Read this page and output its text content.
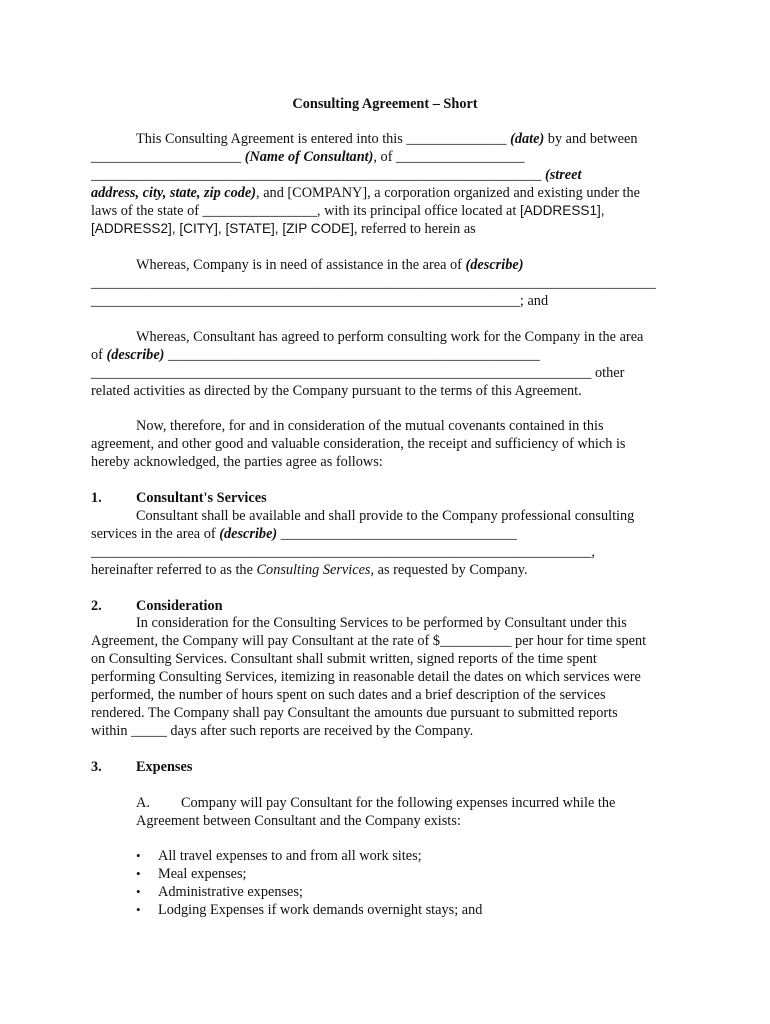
Consulting Agreement – Short
This Consulting Agreement is entered into this ______________ (date) by and between
_____________________ (Name of Consultant), of __________________
_______________________________________________________________ (street
address, city, state, zip code), and [COMPANY], a corporation organized and existing under the
laws of the state of ________________, with its principal office located at [ADDRESS1],
[ADDRESS2], [CITY], [STATE], [ZIP CODE], referred to herein as
Whereas, Company is in need of assistance in the area of (describe)
_______________________________________________________________________________
____________________________________________________________; and
Whereas, Consultant has agreed to perform consulting work for the Company in the area
of (describe) ____________________________________________________
______________________________________________________________________ other
related activities as directed by the Company pursuant to the terms of this Agreement.
Now, therefore, for and in consideration of the mutual covenants contained in this
agreement, and other good and valuable consideration, the receipt and sufficiency of which is
hereby acknowledged, the parties agree as follows:
1. Consultant's Services
Consultant shall be available and shall provide to the Company professional consulting
services in the area of (describe) _________________________________
______________________________________________________________________,
hereinafter referred to as the Consulting Services, as requested by Company.
2. Consideration
In consideration for the Consulting Services to be performed by Consultant under this
Agreement, the Company will pay Consultant at the rate of $__________ per hour for time spent
on Consulting Services. Consultant shall submit written, signed reports of the time spent
performing Consulting Services, itemizing in reasonable detail the dates on which services were
performed, the number of hours spent on such dates and a brief description of the services
rendered. The Company shall pay Consultant the amounts due pursuant to submitted reports
within _____ days after such reports are received by the Company.
3. Expenses
A. Company will pay Consultant for the following expenses incurred while the
Agreement between Consultant and the Company exists:
• All travel expenses to and from all work sites;
• Meal expenses;
• Administrative expenses;
• Lodging Expenses if work demands overnight stays; and
